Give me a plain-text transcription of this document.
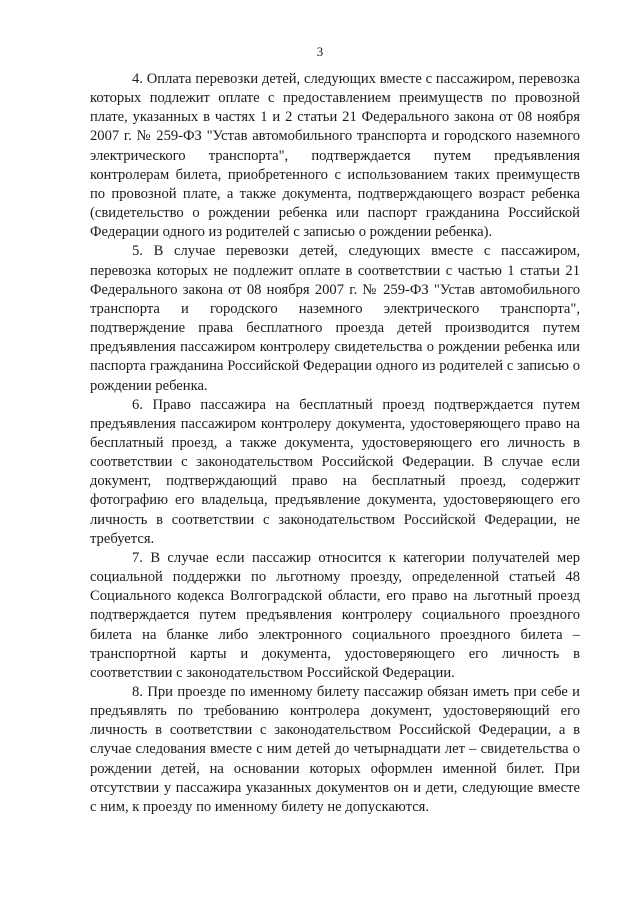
3

4. Оплата перевозки детей, следующих вместе с пассажиром, перевозка которых подлежит оплате с предоставлением преимуществ по провозной плате, указанных в частях 1 и 2 статьи 21 Федерального закона от 08 ноября 2007 г. № 259-ФЗ "Устав автомобильного транспорта и городского наземного электрического транспорта", подтверждается путем предъявления контролерам билета, приобретенного с использованием таких преимуществ по провозной плате, а также документа, подтверждающего возраст ребенка (свидетельство о рождении ребенка или паспорт гражданина Российской Федерации одного из родителей с записью о рождении ребенка).

5. В случае перевозки детей, следующих вместе с пассажиром, перевозка которых не подлежит оплате в соответствии с частью 1 статьи 21 Федерального закона от 08 ноября 2007 г. № 259-ФЗ "Устав автомобильного транспорта и городского наземного электрического транспорта", подтверждение права бесплатного проезда детей производится путем предъявления пассажиром контролеру свидетельства о рождении ребенка или паспорта гражданина Российской Федерации одного из родителей с записью о рождении ребенка.

6. Право пассажира на бесплатный проезд подтверждается путем предъявления пассажиром контролеру документа, удостоверяющего право на бесплатный проезд, а также документа, удостоверяющего его личность в соответствии с законодательством Российской Федерации. В случае если документ, подтверждающий право на бесплатный проезд, содержит фотографию его владельца, предъявление документа, удостоверяющего его личность в соответствии с законодательством Российской Федерации, не требуется.

7. В случае если пассажир относится к категории получателей мер социальной поддержки по льготному проезду, определенной статьей 48 Социального кодекса Волгоградской области, его право на льготный проезд подтверждается путем предъявления контролеру социального проездного билета на бланке либо электронного социального проездного билета – транспортной карты и документа, удостоверяющего его личность в соответствии с законодательством Российской Федерации.

8. При проезде по именному билету пассажир обязан иметь при себе и предъявлять по требованию контролера документ, удостоверяющий его личность в соответствии с законодательством Российской Федерации, а в случае следования вместе с ним детей до четырнадцати лет – свидетельства о рождении детей, на основании которых оформлен именной билет. При отсутствии у пассажира указанных документов он и дети, следующие вместе с ним, к проезду по именному билету не допускаются.
